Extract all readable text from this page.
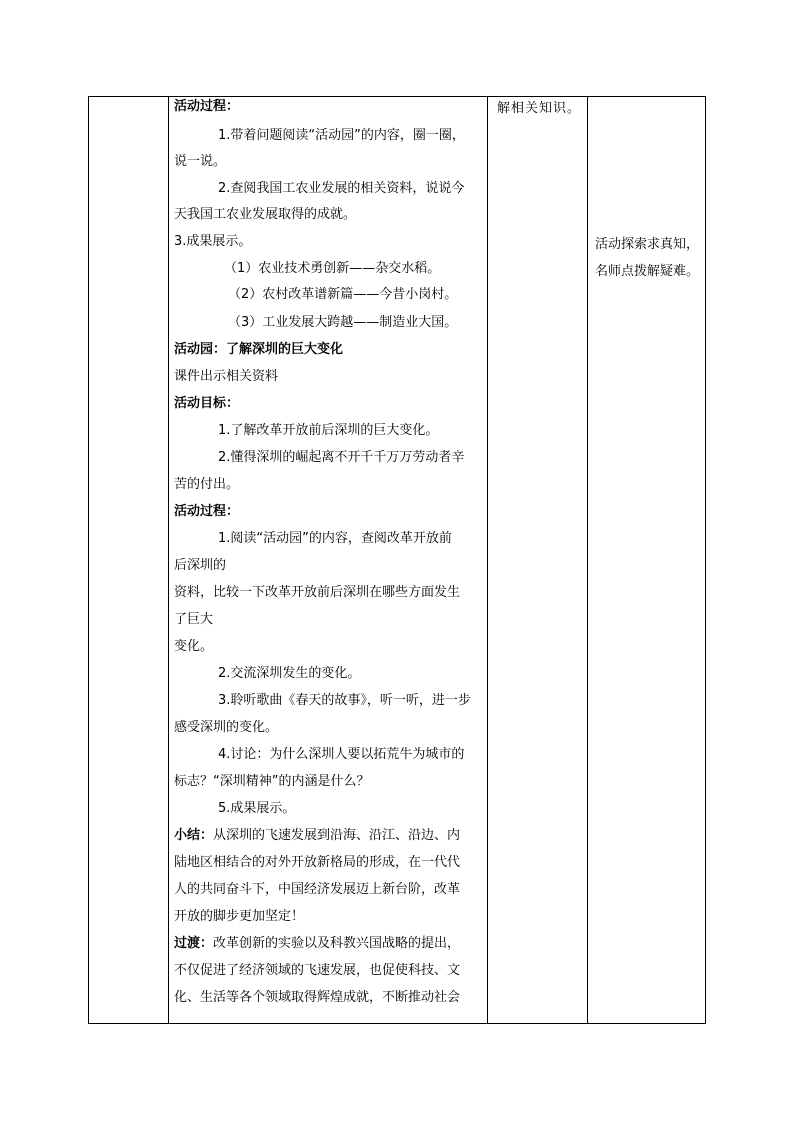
活动过程：
1.带着问题阅读“活动园”的内容，圈一圈，
说一说。
2.查阅我国工农业发展的相关资料，说说今
天我国工农业发展取得的成就。
3.成果展示。
（1）农业技术勇创新——杂交水稻。
（2）农村改革谱新篇——今昔小岗村。
（3）工业发展大跨越——制造业大国。
活动园：了解深圳的巨大变化
课件出示相关资料
活动目标：
1.了解改革开放前后深圳的巨大变化。
2.懂得深圳的崛起离不开千千万万劳动者辛
苦的付出。
活动过程：
1.阅读“活动园”的内容，查阅改革开放前
后深圳的
资料，比较一下改革开放前后深圳在哪些方面发生
了巨大
变化。
2.交流深圳发生的变化。
3.聆听歌曲《春天的故事》，听一听，进一步
感受深圳的变化。
4.讨论：为什么深圳人要以拓荒牛为城市的
标志？“深圳精神”的内涵是什么？
5.成果展示。
小结：从深圳的飞速发展到沿海、沿江、沿边、内
陆地区相结合的对外开放新格局的形成，在一代代
人的共同奋斗下，中国经济发展迈上新台阶，改革
开放的脚步更加坚定！
过渡：改革创新的实验以及科教兴国战略的提出，
不仅促进了经济领域的飞速发展，也促使科技、文
化、生活等各个领域取得辉煌成就，不断推动社会
解相关知识。
活动探索求真知，
名师点拨解疑难。
